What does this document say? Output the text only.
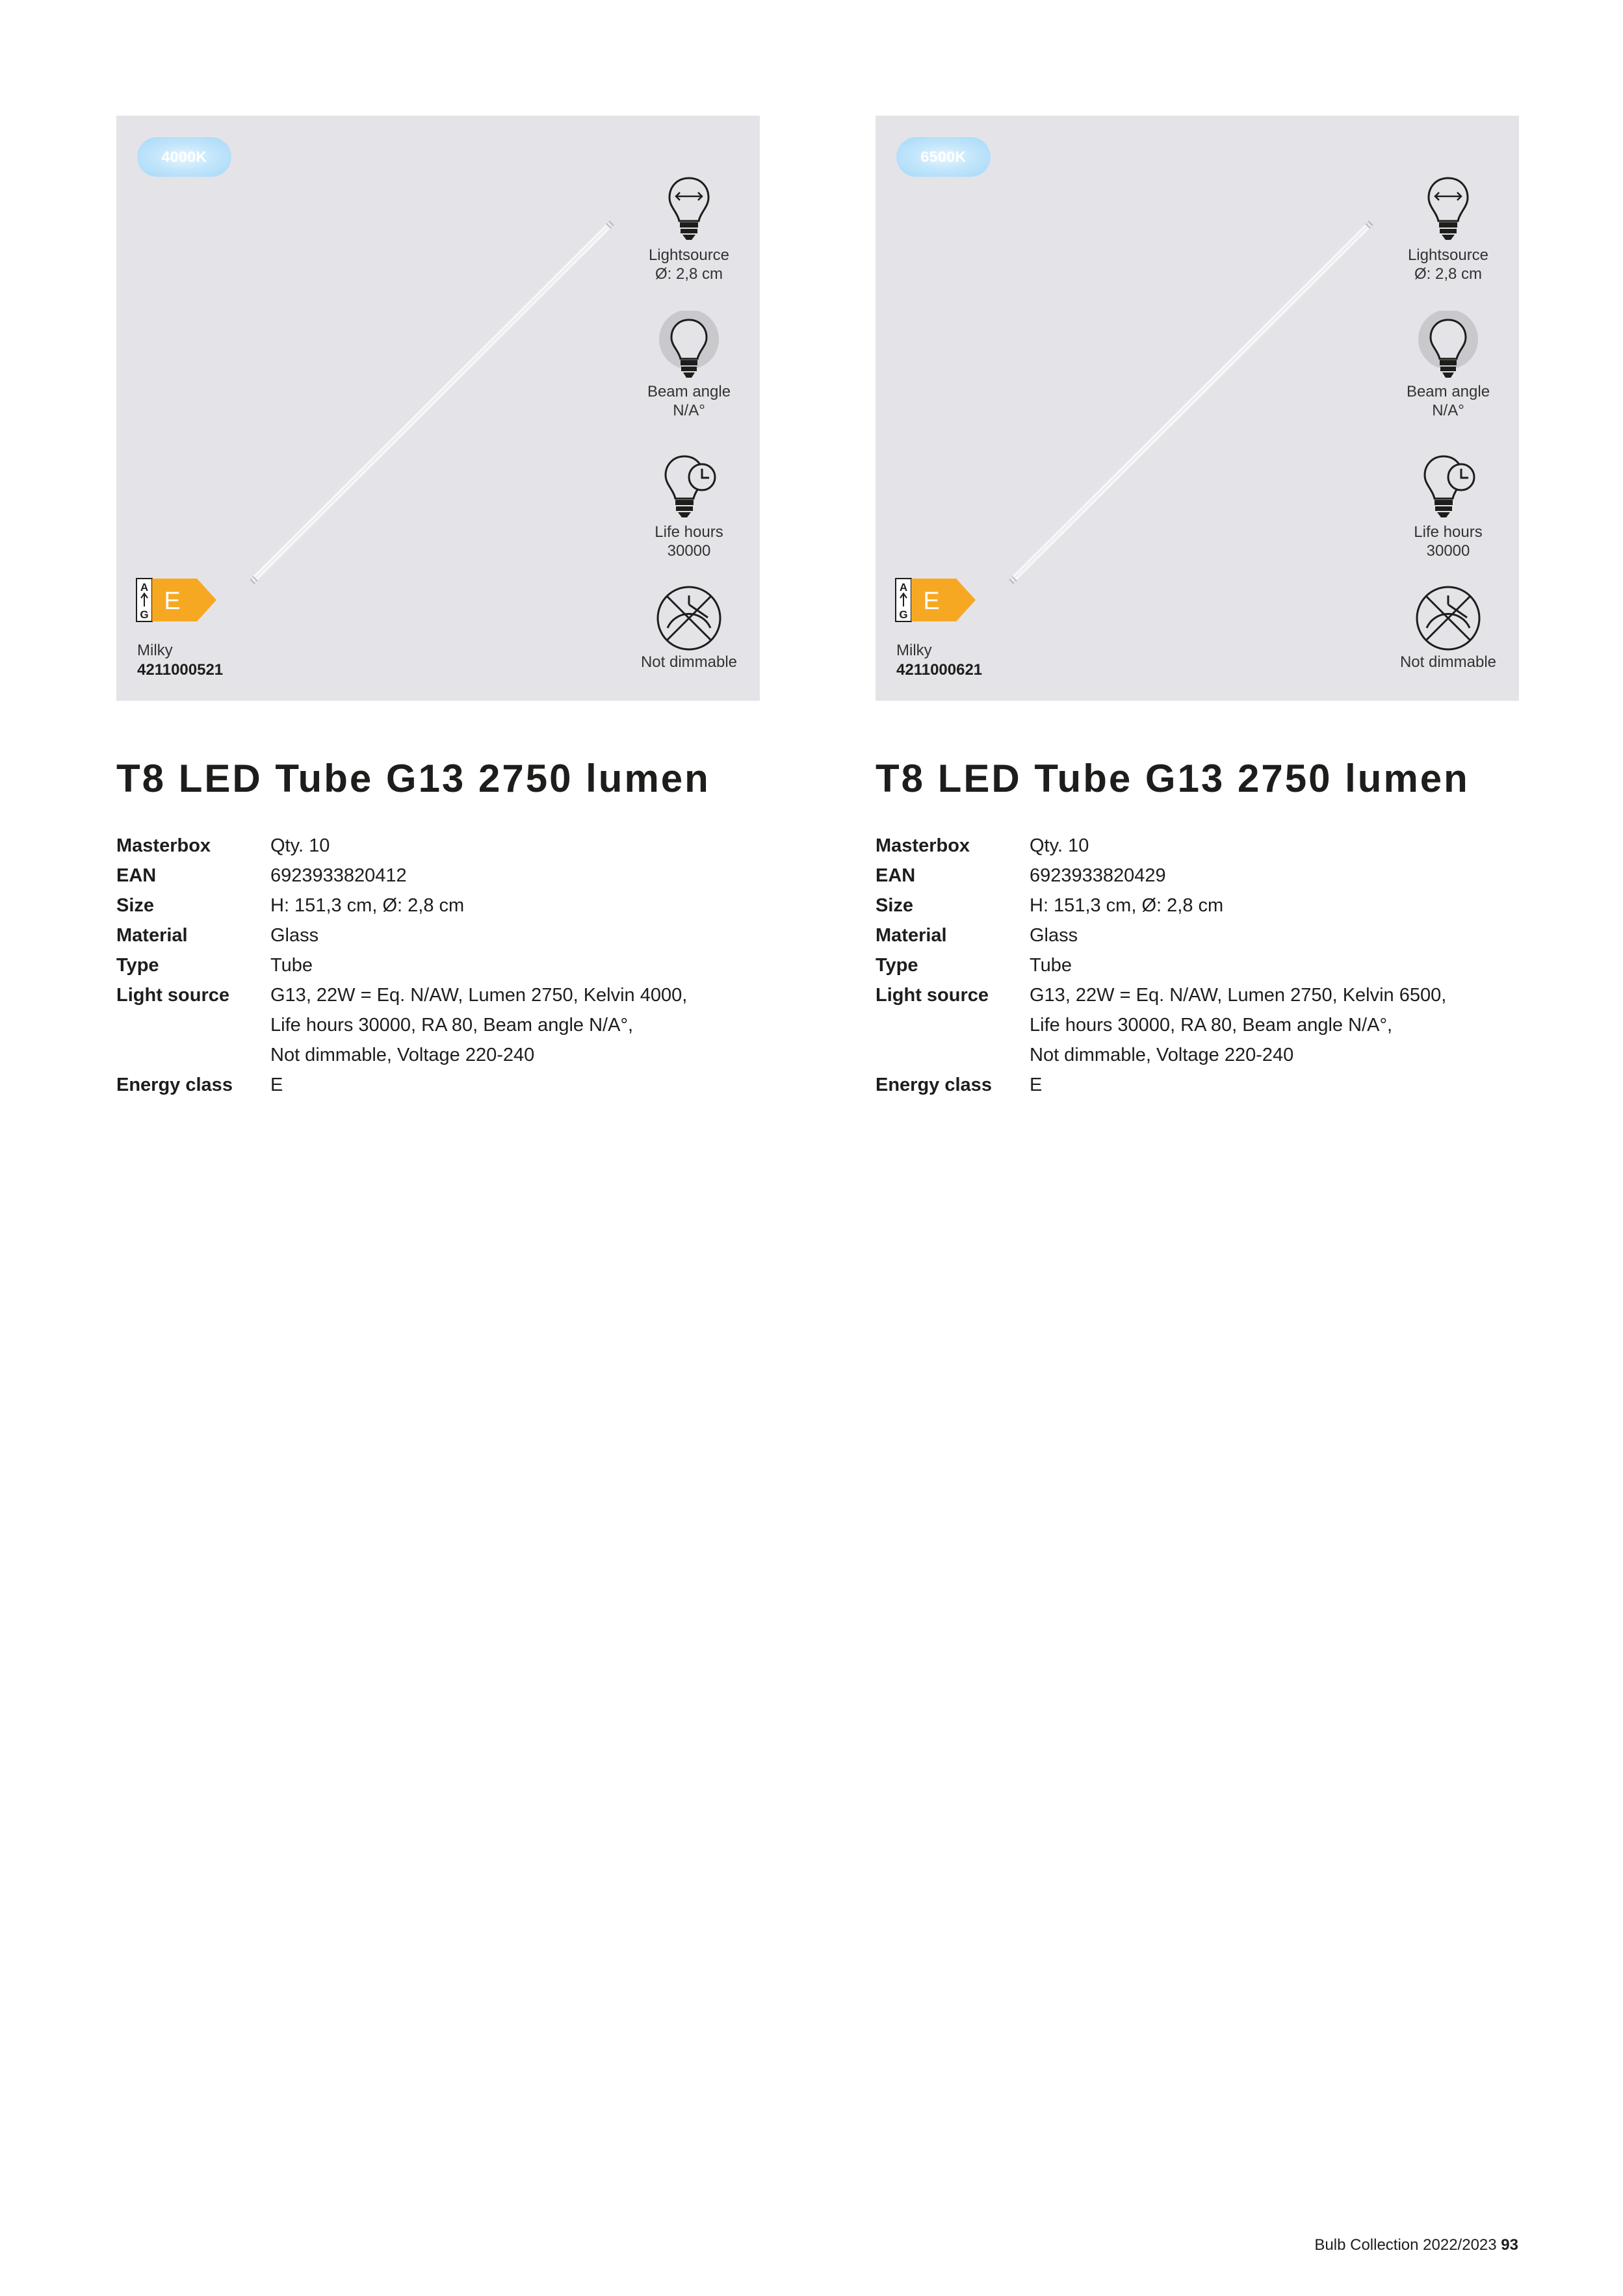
4000K
Lightsource
Ø: 2,8 cm
Beam angle
N/A°
Life hours
30000
Not dimmable
A
G E
Milky
4211000521
T8 LED Tube G13 2750 lumen
Masterbox	Qty. 10
EAN	6923933820412
Size	H: 151,3 cm, Ø: 2,8 cm
Material	Glass
Type	Tube
Light source	G13, 22W = Eq. N/AW, Lumen 2750, Kelvin 4000,
Life hours 30000, RA 80, Beam angle N/A°,
Not dimmable, Voltage 220-240
Energy class	E
6500K
Lightsource
Ø: 2,8 cm
Beam angle
N/A°
Life hours
30000
Not dimmable
A
G E
Milky
4211000621
T8 LED Tube G13 2750 lumen
Masterbox	Qty. 10
EAN	6923933820429
Size	H: 151,3 cm, Ø: 2,8 cm
Material	Glass
Type	Tube
Light source	G13, 22W = Eq. N/AW, Lumen 2750, Kelvin 6500,
Life hours 30000, RA 80, Beam angle N/A°,
Not dimmable, Voltage 220-240
Energy class	E
Bulb Collection 2022/2023 93
